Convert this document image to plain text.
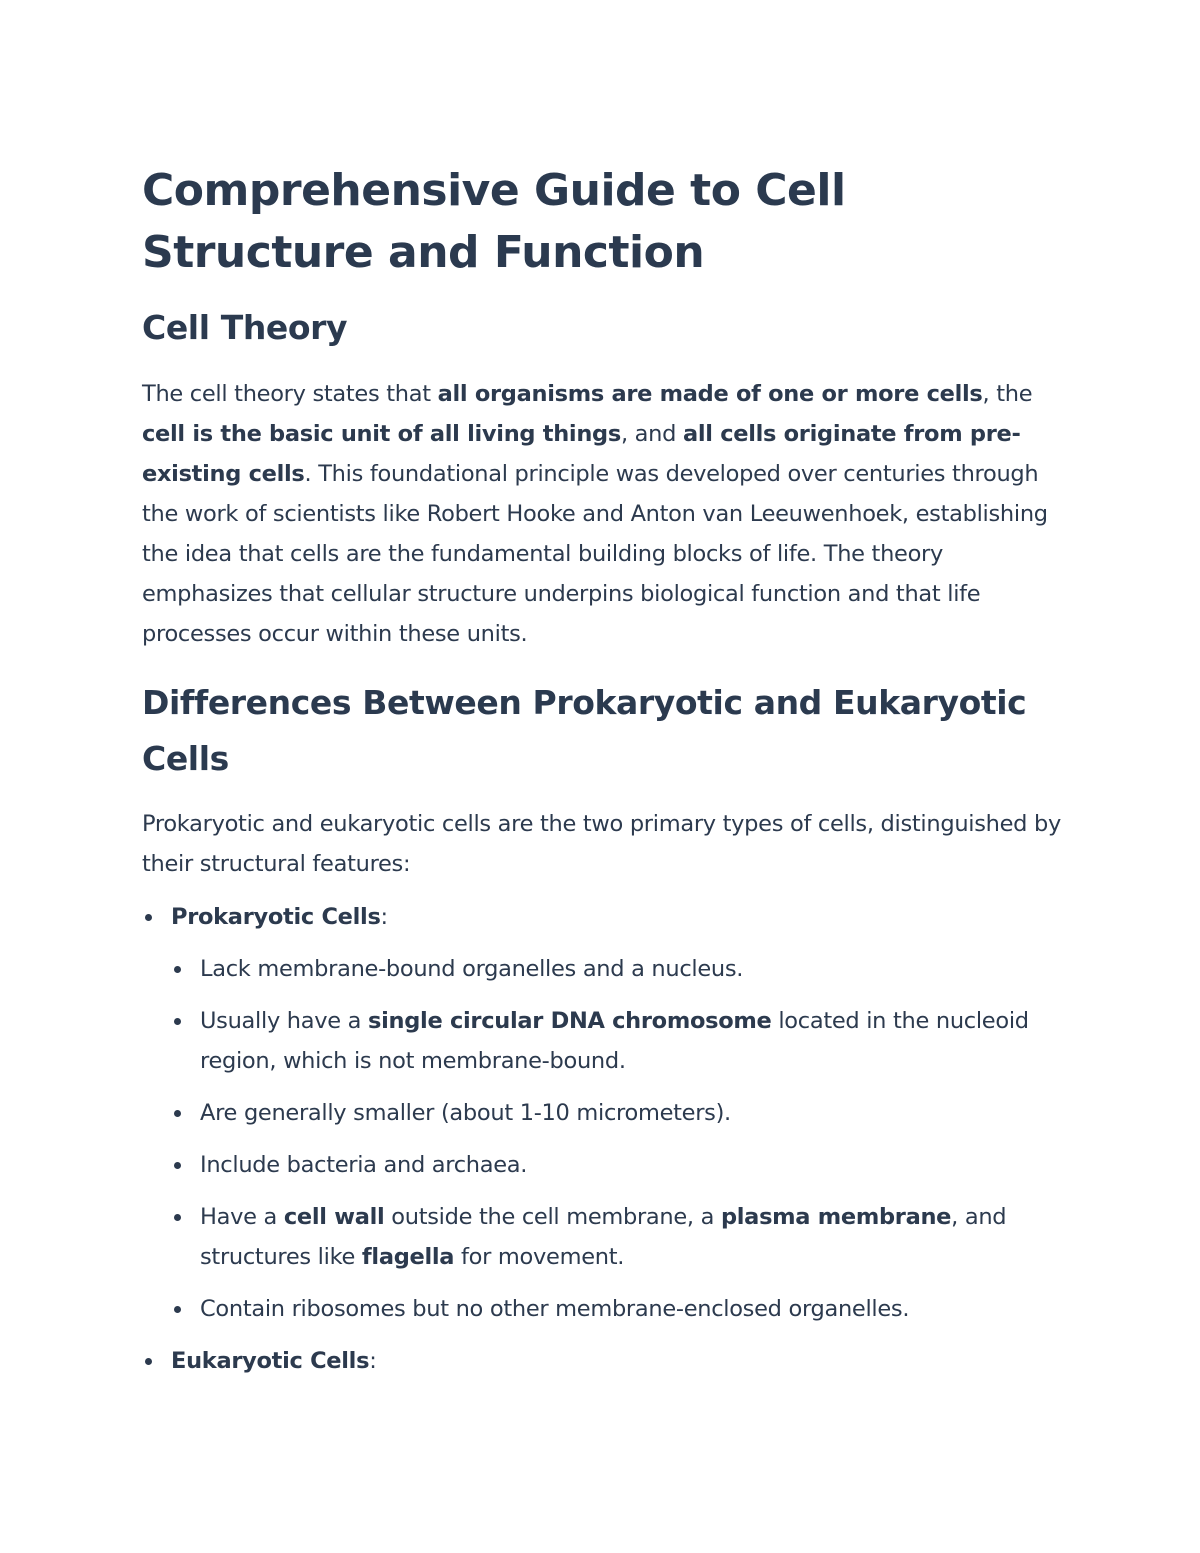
Comprehensive Guide to Cell Structure and Function
Cell Theory

The cell theory states that all organisms are made of one or more cells, the cell is the basic unit of all living things, and all cells originate from pre-existing cells. This foundational principle was developed over centuries through the work of scientists like Robert Hooke and Anton van Leeuwenhoek, establishing the idea that cells are the fundamental building blocks of life. The theory emphasizes that cellular structure underpins biological function and that life processes occur within these units.

Differences Between Prokaryotic and Eukaryotic Cells

Prokaryotic and eukaryotic cells are the two primary types of cells, distinguished by their structural features:

Prokaryotic Cells:
Lack membrane-bound organelles and a nucleus.
Usually have a single circular DNA chromosome located in the nucleoid region, which is not membrane-bound.
Are generally smaller (about 1-10 micrometers).
Include bacteria and archaea.
Have a cell wall outside the cell membrane, a plasma membrane, and structures like flagella for movement.
Contain ribosomes but no other membrane-enclosed organelles.
Eukaryotic Cells:
